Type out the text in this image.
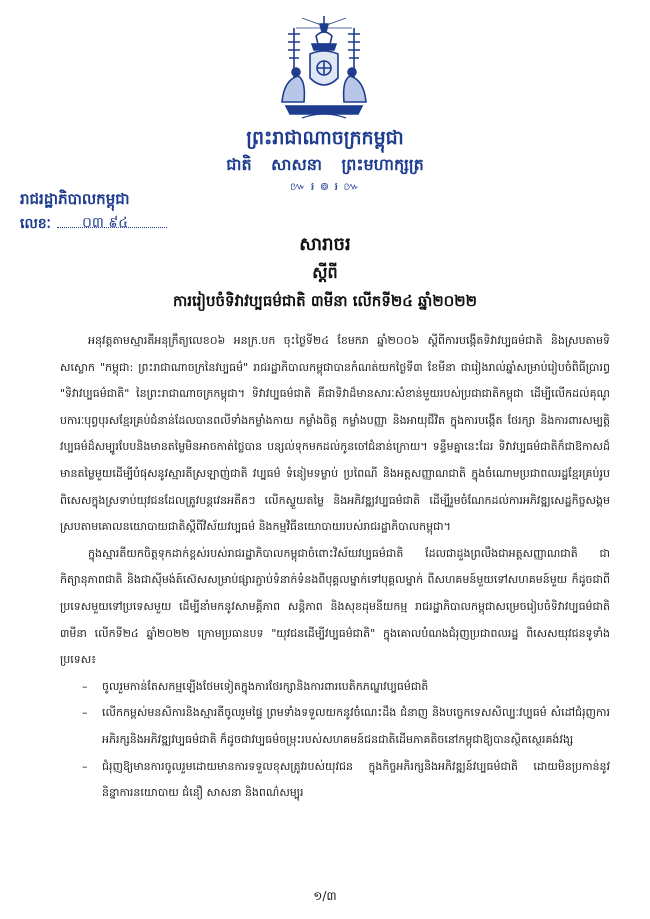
ព្រះរាជាណាចក្រកម្ពុជា
ជាតិ សាសនា ព្រះមហាក្សត្រ
៚ ៛ ៙ ៛ ៚
រាជរដ្ឋាភិបាលកម្ពុជា
លេខៈ ០៣ ៩៤
សារាចរ
ស្តីពី
ការរៀបចំទិវាវប្បធម៌ជាតិ ៣មីនា លើកទី២៤ ឆ្នាំ២០២២

អនុវត្តតាមស្មារតីអនុក្រឹត្យលេខ០៦ អនក្រ.បក ចុះថ្ងៃទី២៤ ខែមករា ឆ្នាំ២០០៦ ស្តីពីការបង្កើតទិវាវប្បធម៌ជាតិ និងស្របតាមទិសស្លោក "កម្ពុជា: ព្រះរាជាណាចក្រនៃវប្បធម៌" រាជរដ្ឋាភិបាលកម្ពុជាបានកំណត់យកថ្ងៃទី៣ ខែមីនា ជារៀងរាល់ឆ្នាំសម្រាប់រៀបចំពិធីប្រារព្ធ "ទិវាវប្បធម៌ជាតិ" នៃព្រះរាជាណាចក្រកម្ពុជា។ ទិវាវប្បធម៌ជាតិ គឺជាទិវាដ៏មានសារៈសំខាន់មួយរបស់ប្រជាជាតិកម្ពុជា ដើម្បីលើកដល់គុណូបការៈបុព្វបុរសខ្មែរគ្រប់ជំនាន់ដែលបានពលីទាំងកម្លាំងកាយ កម្លាំងចិត្ត កម្លាំងបញ្ញា និងអាយុជីវិត ក្នុងការបង្កើត ថែរក្សា និងការពារសម្បត្តិវប្បធម៌ដ៏សម្បូរបែបនិងមានតម្លៃមិនអាចកាត់ថ្លៃបាន បន្សល់ទុកមកដល់កូនចៅជំនាន់ក្រោយ។ ទន្ទឹមគ្នានេះដែរ ទិវាវប្បធម៌ជាតិក៏ជាឱកាសដ៏មានតម្លៃមួយដើម្បីបំផុសនូវស្មារតីស្រឡាញ់ជាតិ វប្បធម៌ ទំនៀមទម្លាប់ ប្រពៃណី និងអត្តសញ្ញាណជាតិ ក្នុងចំណោមប្រជាពលរដ្ឋខ្មែរគ្រប់រូប ពិសេសក្នុងស្រទាប់យុវជនដែលត្រូវបន្តវេនអតីតៗ លើកស្ទួយតម្លៃ និងអភិវឌ្ឍវប្បធម៌ជាតិ ដើម្បីរួមចំណែកដល់ការអភិវឌ្ឍសេដ្ឋកិច្ចសង្គមស្របតាមគោលនយោបាយជាតិស្តីពីវិស័យវប្បធម៌ និងកម្មវិធីនយោបាយរបស់រាជរដ្ឋាភិបាលកម្ពុជា។

ក្នុងស្មារតីយកចិត្តទុកដាក់ខ្ពស់របស់រាជរដ្ឋាភិបាលកម្ពុជាចំពោះវិស័យវប្បធម៌ជាតិ ដែលជាដួងព្រលឹងជាអត្តសញ្ញាណជាតិ ជាកិត្យានុភាពជាតិ និងជាស៊ីមង់ត៍ស៊េសសម្រាប់ផ្សារភ្ជាប់ទំនាក់ទំនងពីបុគ្គលម្នាក់ទៅបុគ្គលម្នាក់ ពីសហគមន៍មួយទៅសហគមន៍មួយ ក៏ដូចជាពីប្រទេសមួយទៅប្រទេសមួយ ដើម្បីនាំមកនូវសាមគ្គីភាព សន្តិភាព និងសុខដុមនីយកម្ម រាជរដ្ឋាភិបាលកម្ពុជាសម្រេចរៀបចំទិវាវប្បធម៌ជាតិ ៣មីនា លើកទី២៤ ឆ្នាំ២០២២ ក្រោមប្រធានបទ "យុវជនដើម្បីវប្បធម៌ជាតិ" ក្នុងគោលបំណងជំរុញប្រជាពលរដ្ឋ ពិសេសយុវជនទូទាំងប្រទេស៖

– ចូលរួមកាន់តែសកម្មឡើងថែមទៀតក្នុងការថែរក្សានិងការពារបេតិកភណ្ឌវប្បធម៌ជាតិ
– លើកកម្ពស់មនសិការនិងស្មារតីចូលរួមផ្ទៃ ព្រមទាំងទទួលយកនូវចំណេះដឹង ជំនាញ និងបច្ចេកទេសសិល្បៈវប្បធម៌ សំដៅជំរុញការអភិរក្សនិងអភិវឌ្ឍវប្បធម៌ជាតិ ក៏ដូចជាវប្បធម៌ចម្រុះរបស់សហគមន៍ជនជាតិដើមភាគតិចនៅកម្ពុជាឱ្យបានស្ថិតស្ថេរគង់វង្ស
– ជំរុញឱ្យមានការចូលរួមដោយមានការទទួលខុសត្រូវរបស់យុវជន ក្នុងកិច្ចអភិរក្សនិងអភិវឌ្ឍន៍វប្បធម៌ជាតិ ដោយមិនប្រកាន់នូវនិន្នាការនយោបាយ ជំនឿ សាសនា និងពណ៌សម្បុរ
១/៣
